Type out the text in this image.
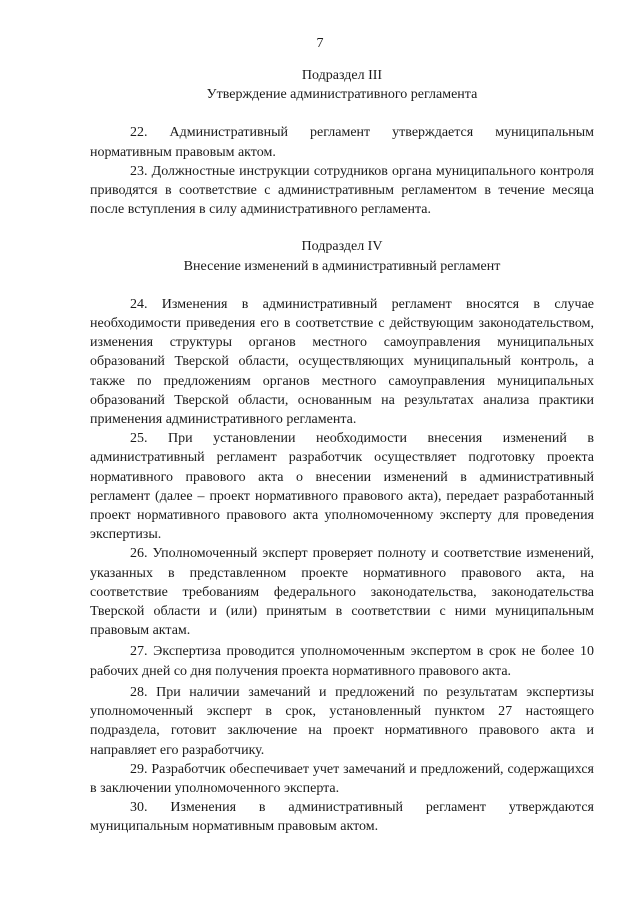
7

Подраздел III

Утверждение административного регламента

22. Административный регламент утверждается муниципальным нормативным правовым актом.

23. Должностные инструкции сотрудников органа муниципального контроля приводятся в соответствие с административным регламентом в течение месяца после вступления в силу административного регламента.

Подраздел IV

Внесение изменений в административный регламент

24. Изменения в административный регламент вносятся в случае необходимости приведения его в соответствие с действующим законодательством, изменения структуры органов местного самоуправления муниципальных образований Тверской области, осуществляющих муниципальный контроль, а также по предложениям органов местного самоуправления муниципальных образований Тверской области, основанным на результатах анализа практики применения административного регламента.

25. При установлении необходимости внесения изменений в административный регламент разработчик осуществляет подготовку проекта нормативного правового акта о внесении изменений в административный регламент (далее – проект нормативного правового акта), передает разработанный проект нормативного правового акта уполномоченному эксперту для проведения экспертизы.

26. Уполномоченный эксперт проверяет полноту и соответствие изменений, указанных в представленном проекте нормативного правового акта, на соответствие требованиям федерального законодательства, законодательства Тверской области и (или) принятым в соответствии с ними муниципальным правовым актам.

27. Экспертиза проводится уполномоченным экспертом в срок не более 10 рабочих дней со дня получения проекта нормативного правового акта.

28. При наличии замечаний и предложений по результатам экспертизы уполномоченный эксперт в срок, установленный пунктом 27 настоящего подраздела, готовит заключение на проект нормативного правового акта и направляет его разработчику.

29. Разработчик обеспечивает учет замечаний и предложений, содержащихся в заключении уполномоченного эксперта.

30. Изменения в административный регламент утверждаются муниципальным нормативным правовым актом.
